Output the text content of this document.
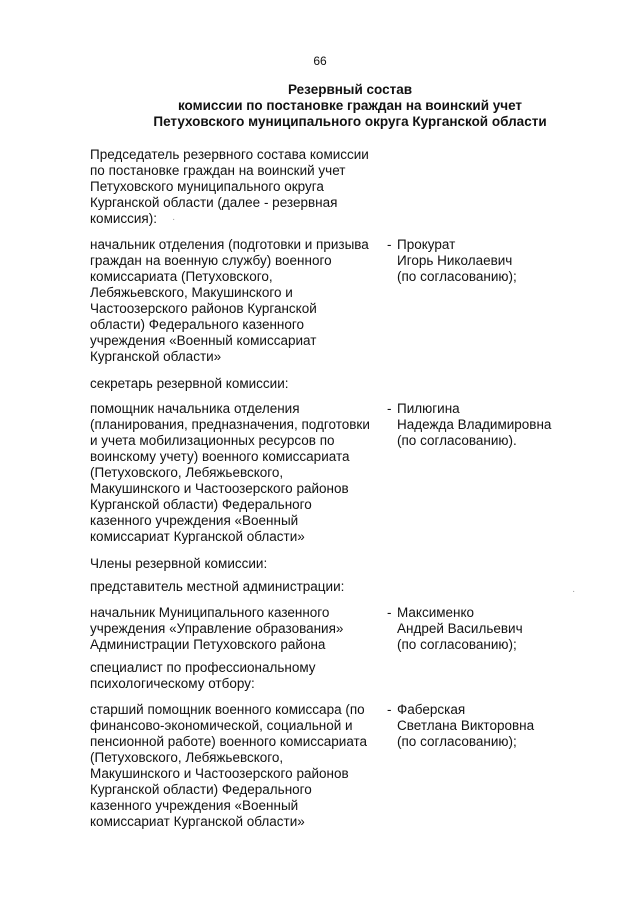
66
Резервный состав
комиссии по постановке граждан на воинский учет
Петуховского муниципального округа Курганской области
Председатель резервного состава комиссии
по постановке граждан на воинский учет
Петуховского муниципального округа
Курганской области (далее - резервная
комиссия):
начальник отделения (подготовки и призыва
граждан на военную службу) военного
комиссариата (Петуховского,
Лебяжьевского, Макушинского и
Частоозерского районов Курганской
области) Федерального казенного
учреждения «Военный комиссариат
Курганской области»
- Прокурат
Игорь Николаевич
(по согласованию);
секретарь резервной комиссии:
помощник начальника отделения
(планирования, предназначения, подготовки
и учета мобилизационных ресурсов по
воинскому учету) военного комиссариата
(Петуховского, Лебяжьевского,
Макушинского и Частоозерского районов
Курганской области) Федерального
казенного учреждения «Военный
комиссариат Курганской области»
- Пилюгина
Надежда Владимировна
(по согласованию).
Члены резервной комиссии:
представитель местной администрации:
начальник Муниципального казенного
учреждения «Управление образования»
Администрации Петуховского района
- Максименко
Андрей Васильевич
(по согласованию);
специалист по профессиональному
психологическому отбору:
старший помощник военного комиссара (по
финансово-экономической, социальной и
пенсионной работе) военного комиссариата
(Петуховского, Лебяжьевского,
Макушинского и Частоозерского районов
Курганской области) Федерального
казенного учреждения «Военный
комиссариат Курганской области»
- Фаберская
Светлана Викторовна
(по согласованию);
·
·
